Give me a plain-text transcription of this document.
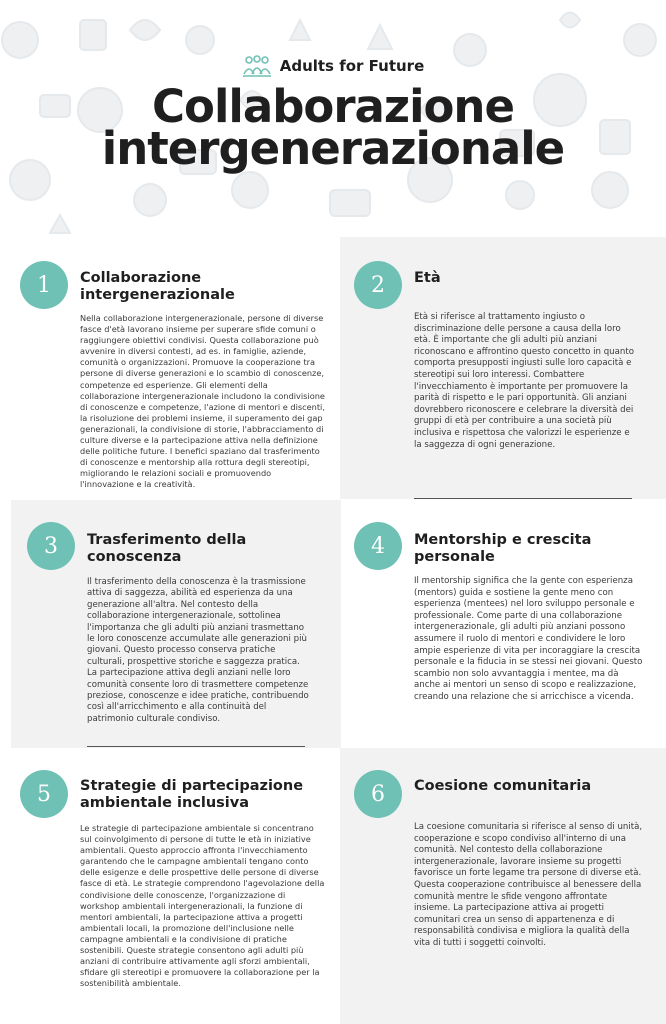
Adults for Future
Collaborazione
intergenerazionale
1	Collaborazione
intergenerazionale

Nella collaborazione intergenerazionale, persone di diverse fasce d'età lavorano insieme per superare sfide comuni o raggiungere obiettivi condivisi. Questa collaborazione può avvenire in diversi contesti, ad es. in famiglie, aziende, comunità o organizzazioni. Promuove la cooperazione tra persone di diverse generazioni e lo scambio di conoscenze, competenze ed esperienze. Gli elementi della collaborazione intergenerazionale includono la condivisione di conoscenze e competenze, l'azione di mentori e discenti, la risoluzione dei problemi insieme, il superamento dei gap generazionali, la condivisione di storie, l'abbracciamento di culture diverse e la partecipazione attiva nella definizione delle politiche future. I benefici spaziano dal trasferimento di conoscenze e mentorship alla rottura degli stereotipi, migliorando le relazioni sociali e promuovendo l'innovazione e la creatività.

2	Età

Età si riferisce al trattamento ingiusto o discriminazione delle persone a causa della loro età. È importante che gli adulti più anziani riconoscano e affrontino questo concetto in quanto comporta presupposti ingiusti sulle loro capacità e stereotipi sui loro interessi. Combattere l'invecchiamento è importante per promuovere la parità di rispetto e le pari opportunità. Gli anziani dovrebbero riconoscere e celebrare la diversità dei gruppi di età per contribuire a una società più inclusiva e rispettosa che valorizzi le esperienze e la saggezza di ogni generazione.

3	Trasferimento della
conoscenza

Il trasferimento della conoscenza è la trasmissione attiva di saggezza, abilità ed esperienza da una generazione all'altra. Nel contesto della collaborazione intergenerazionale, sottolinea l'importanza che gli adulti più anziani trasmettano le loro conoscenze accumulate alle generazioni più giovani. Questo processo conserva pratiche culturali, prospettive storiche e saggezza pratica. La partecipazione attiva degli anziani nelle loro comunità consente loro di trasmettere competenze preziose, conoscenze e idee pratiche, contribuendo così all'arricchimento e alla continuità del patrimonio culturale condiviso.

4	Mentorship e crescita
personale

Il mentorship significa che la gente con esperienza (mentors) guida e sostiene la gente meno con esperienza (mentees) nel loro sviluppo personale e professionale. Come parte di una collaborazione intergenerazionale, gli adulti più anziani possono assumere il ruolo di mentori e condividere le loro ampie esperienze di vita per incoraggiare la crescita personale e la fiducia in se stessi nei giovani. Questo scambio non solo avvantaggia i mentee, ma dà anche ai mentori un senso di scopo e realizzazione, creando una relazione che si arricchisce a vicenda.

5	Strategie di partecipazione
ambientale inclusiva

Le strategie di partecipazione ambientale si concentrano sul coinvolgimento di persone di tutte le età in iniziative ambientali. Questo approccio affronta l'invecchiamento garantendo che le campagne ambientali tengano conto delle esigenze e delle prospettive delle persone di diverse fasce di età. Le strategie comprendono l'agevolazione della condivisione delle conoscenze, l'organizzazione di workshop ambientali intergenerazionali, la funzione di mentori ambientali, la partecipazione attiva a progetti ambientali locali, la promozione dell'inclusione nelle campagne ambientali e la condivisione di pratiche sostenibili. Queste strategie consentono agli adulti più anziani di contribuire attivamente agli sforzi ambientali, sfidare gli stereotipi e promuovere la collaborazione per la sostenibilità ambientale.

6	Coesione comunitaria

La coesione comunitaria si riferisce al senso di unità, cooperazione e scopo condiviso all'interno di una comunità. Nel contesto della collaborazione intergenerazionale, lavorare insieme su progetti favorisce un forte legame tra persone di diverse età. Questa cooperazione contribuisce al benessere della comunità mentre le sfide vengono affrontate insieme. La partecipazione attiva ai progetti comunitari crea un senso di appartenenza e di responsabilità condivisa e migliora la qualità della vita di tutti i soggetti coinvolti.
